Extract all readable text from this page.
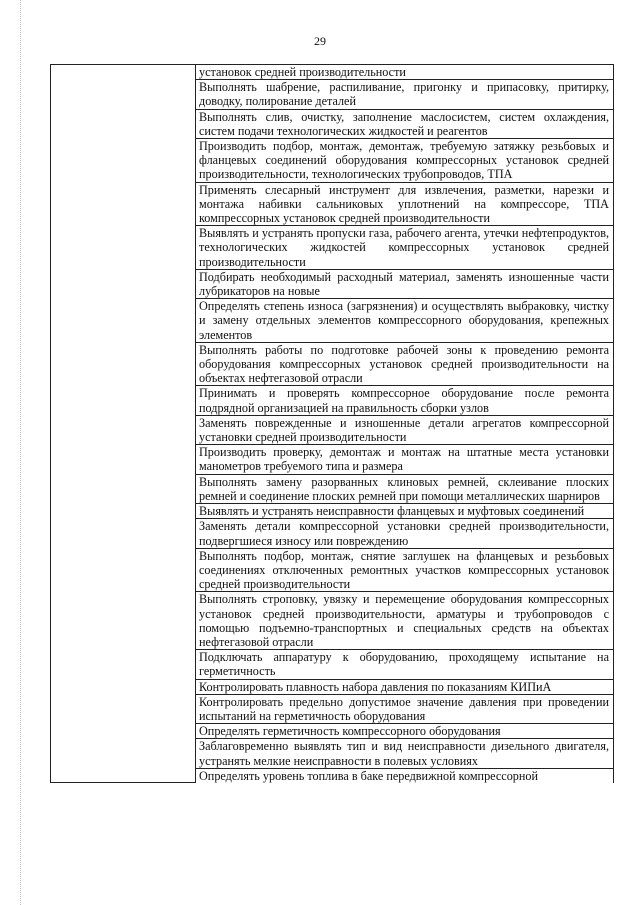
29

установок средней производительности

Выполнять шабрение, распиливание, пригонку и припасовку, притирку, доводку, полирование деталей

Выполнять слив, очистку, заполнение маслосистем, систем охлаждения, систем подачи технологических жидкостей и реагентов

Производить подбор, монтаж, демонтаж, требуемую затяжку резьбовых и фланцевых соединений оборудования компрессорных установок средней производительности, технологических трубопроводов, ТПА

Применять слесарный инструмент для извлечения, разметки, нарезки и монтажа набивки сальниковых уплотнений на компрессоре, ТПА компрессорных установок средней производительности

Выявлять и устранять пропуски газа, рабочего агента, утечки нефтепродуктов, технологических жидкостей компрессорных установок средней производительности

Подбирать необходимый расходный материал, заменять изношенные части лубрикаторов на новые

Определять степень износа (загрязнения) и осуществлять выбраковку, чистку и замену отдельных элементов компрессорного оборудования, крепежных элементов

Выполнять работы по подготовке рабочей зоны к проведению ремонта оборудования компрессорных установок средней производительности на объектах нефтегазовой отрасли

Принимать и проверять компрессорное оборудование после ремонта подрядной организацией на правильность сборки узлов

Заменять поврежденные и изношенные детали агрегатов компрессорной установки средней производительности

Производить проверку, демонтаж и монтаж на штатные места установки манометров требуемого типа и размера

Выполнять замену разорванных клиновых ремней, склеивание плоских ремней и соединение плоских ремней при помощи металлических шарниров

Выявлять и устранять неисправности фланцевых и муфтовых соединений

Заменять детали компрессорной установки средней производительности, подвергшиеся износу или повреждению

Выполнять подбор, монтаж, снятие заглушек на фланцевых и резьбовых соединениях отключенных ремонтных участков компрессорных установок средней производительности

Выполнять строповку, увязку и перемещение оборудования компрессорных установок средней производительности, арматуры и трубопроводов с помощью подъемно-транспортных и специальных средств на объектах нефтегазовой отрасли

Подключать аппаратуру к оборудованию, проходящему испытание на герметичность

Контролировать плавность набора давления по показаниям КИПиА

Контролировать предельно допустимое значение давления при проведении испытаний на герметичность оборудования

Определять герметичность компрессорного оборудования

Заблаговременно выявлять тип и вид неисправности дизельного двигателя, устранять мелкие неисправности в полевых условиях

Определять уровень топлива в баке передвижной компрессорной
